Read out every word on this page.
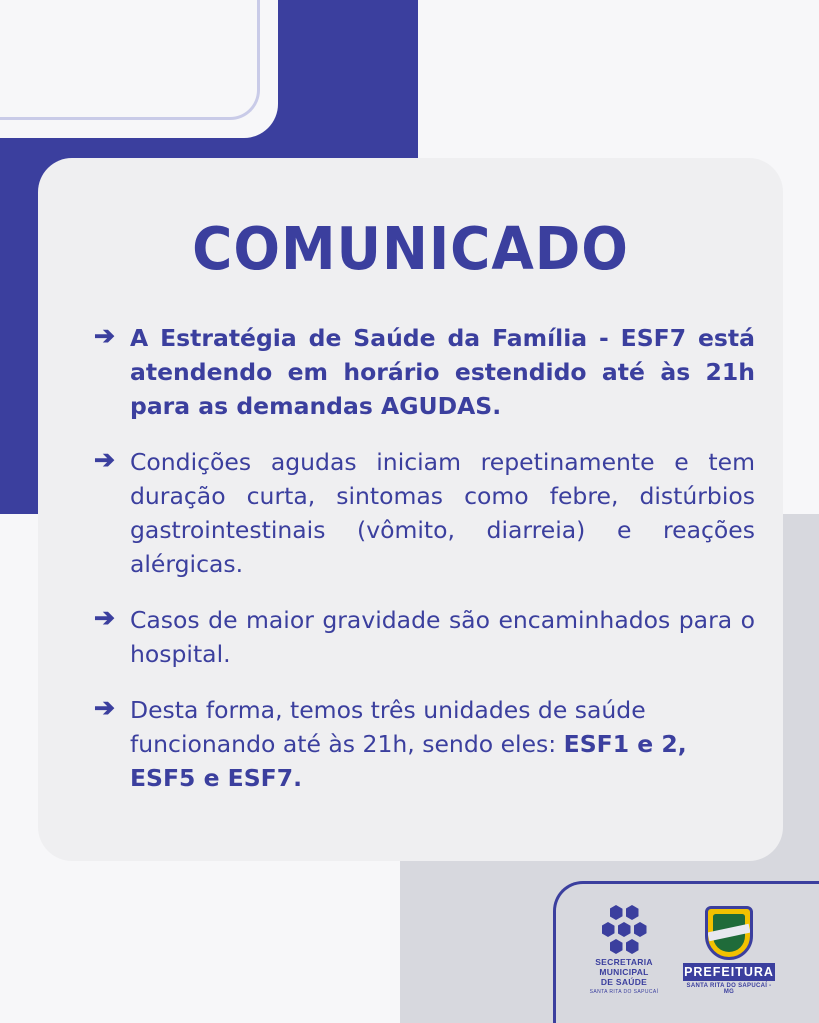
COMUNICADO
➔ A Estratégia de Saúde da Família - ESF7 está atendendo em horário estendido até às 21h para as demandas AGUDAS.
➔ Condições agudas iniciam repetinamente e tem duração curta, sintomas como febre, distúrbios gastrointestinais (vômito, diarreia) e reações alérgicas.
➔ Casos de maior gravidade são encaminhados para o hospital.
➔ Desta forma, temos três unidades de saúde funcionando até às 21h, sendo eles: ESF1 e 2, ESF5 e ESF7.
SECRETARIA
MUNICIPAL
DE SAÚDE
SANTA RITA DO SAPUCAÍ
PREFEITURA
SANTA RITA DO SAPUCAÍ - MG
